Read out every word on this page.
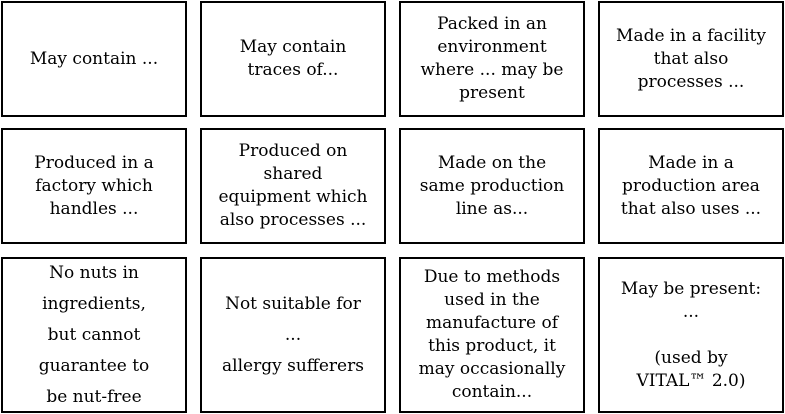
May contain ...
May contain
traces of...
Packed in an
environment
where ... may be
present
Made in a facility
that also
processes ...
Produced in a
factory which
handles ...
Produced on
shared
equipment which
also processes ...
Made on the
same production
line as...
Made in a
production area
that also uses ...
No nuts in
ingredients,
but cannot
guarantee to
be nut-free
Not suitable for
...
allergy sufferers
Due to methods
used in the
manufacture of
this product, it
may occasionally
contain...
May be present:
...

(used by
VITAL™ 2.0)
